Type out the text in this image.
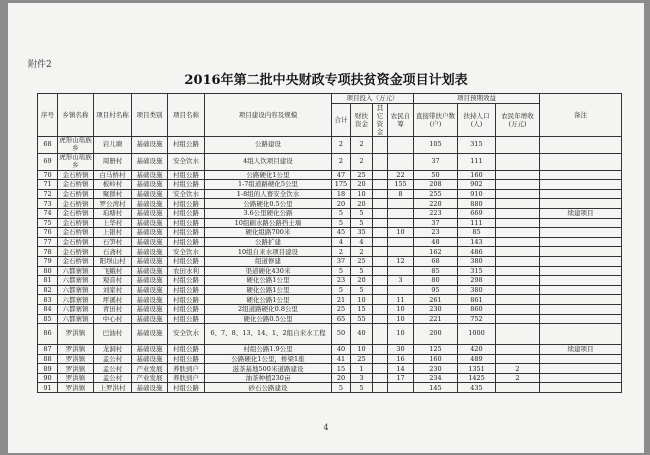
附件2
2016年第二批中央财政专项扶贫资金项目计划表
序号	乡镇名称	项目村名称	项目类别	项目名称	项目建设内容及规模	项目投入（万元）				项目预期效益			备注
						合计	财扶资金	其它资金	农民自筹	直接带扶户数(户)	扶持人口(人)	农民年增收(万元)	
68	虎形山瑶族乡	岩儿塘	基础设施	村组公路	公路建设	2	2			105	315		
69	虎形山瑶族乡	周册村	基础设施	安全饮水	4组人饮项目建设	2	2			37	111		
70	金石桥镇	白马桥村	基础设施	村组公路	公路硬化1公里	47	25		22	50	160		
71	金石桥镇	板岭村	基础设施	村组公路	1-7组道路硬化5公里	175	20		155	208	902		
72	金石桥镇	聚群村	基础设施	安全饮水	1-8组的人畜安全饮水	18	10		8	255	910		
73	金石桥镇	罗公湾村	基础设施	村组公路	公路硬化0.5公里	20	20			220	880		
74	金石桥镇	珀塘村	基础设施	村组公路	3.6公里硬化公路	5	5			223	669		续建项目
75	金石桥镇	上华村	基础设施	村组公路	10组刷水路公路挡土墙	5	5			37	111		
76	金石桥镇	上银村	基础设施	村组公路	硬化组路700米	45	35		10	23	85		
77	金石桥镇	石笋村	基础设施	村组公路	公路扩建	4	4			48	143		
78	金石桥镇	石斋村	基础设施	安全饮水	10组自来水项目建设	2	2			162	486		
79	金石桥镇	阳坝山村	基础设施	村组公路	组道修建	37	25		12	68	380		
80	六都寨镇	飞蛾村	基础设施	农田水利	渠道硬化430米	5	5			85	315		
81	六都寨镇	观音村	基础设施	村组公路	硬化公路1公里	23	20		3	80	298		
82	六都寨镇	刘家村	基础设施	村组公路	硬化公路1公里	5	5			95	380		
83	六都寨镇	坪溪村	基础设施	村组公路	硬化公路1公里	21	10		11	261	861		
84	六都寨镇	青田村	基础设施	村组公路	2组道路硬化0.8公里	25	15		10	230	860		
85	六都寨镇	中心村	基础设施	村组公路	硬化公路0.5公里	65	55		10	221	752		
86	罗洪镇	巴油村	基础设施	安全饮水	6、7、8、13、14、1、2组自来水工程	50	40		10	200	1000		
87	罗洪镇	龙洞村	基础设施	村组公路	村组公路1.9公里	40	10		30	125	420		续建项目
88	罗洪镇	孟公村	基础设施	村组公路	公路硬化1公里，桥梁1座	41	25		16	160	489		
89	罗洪镇	孟公村	产业发展	养肤到户	滋茶基地500米道路建设	15	1		14	230	1351	2	
90	罗洪镇	孟公村	产业发展	养肤到户	油茶种植230亩	20	3		17	234	1425	2	
91	罗洪镇	上罗洪村	基础设施	村组公路	砂石公路建设	5	5			145	435		
4
